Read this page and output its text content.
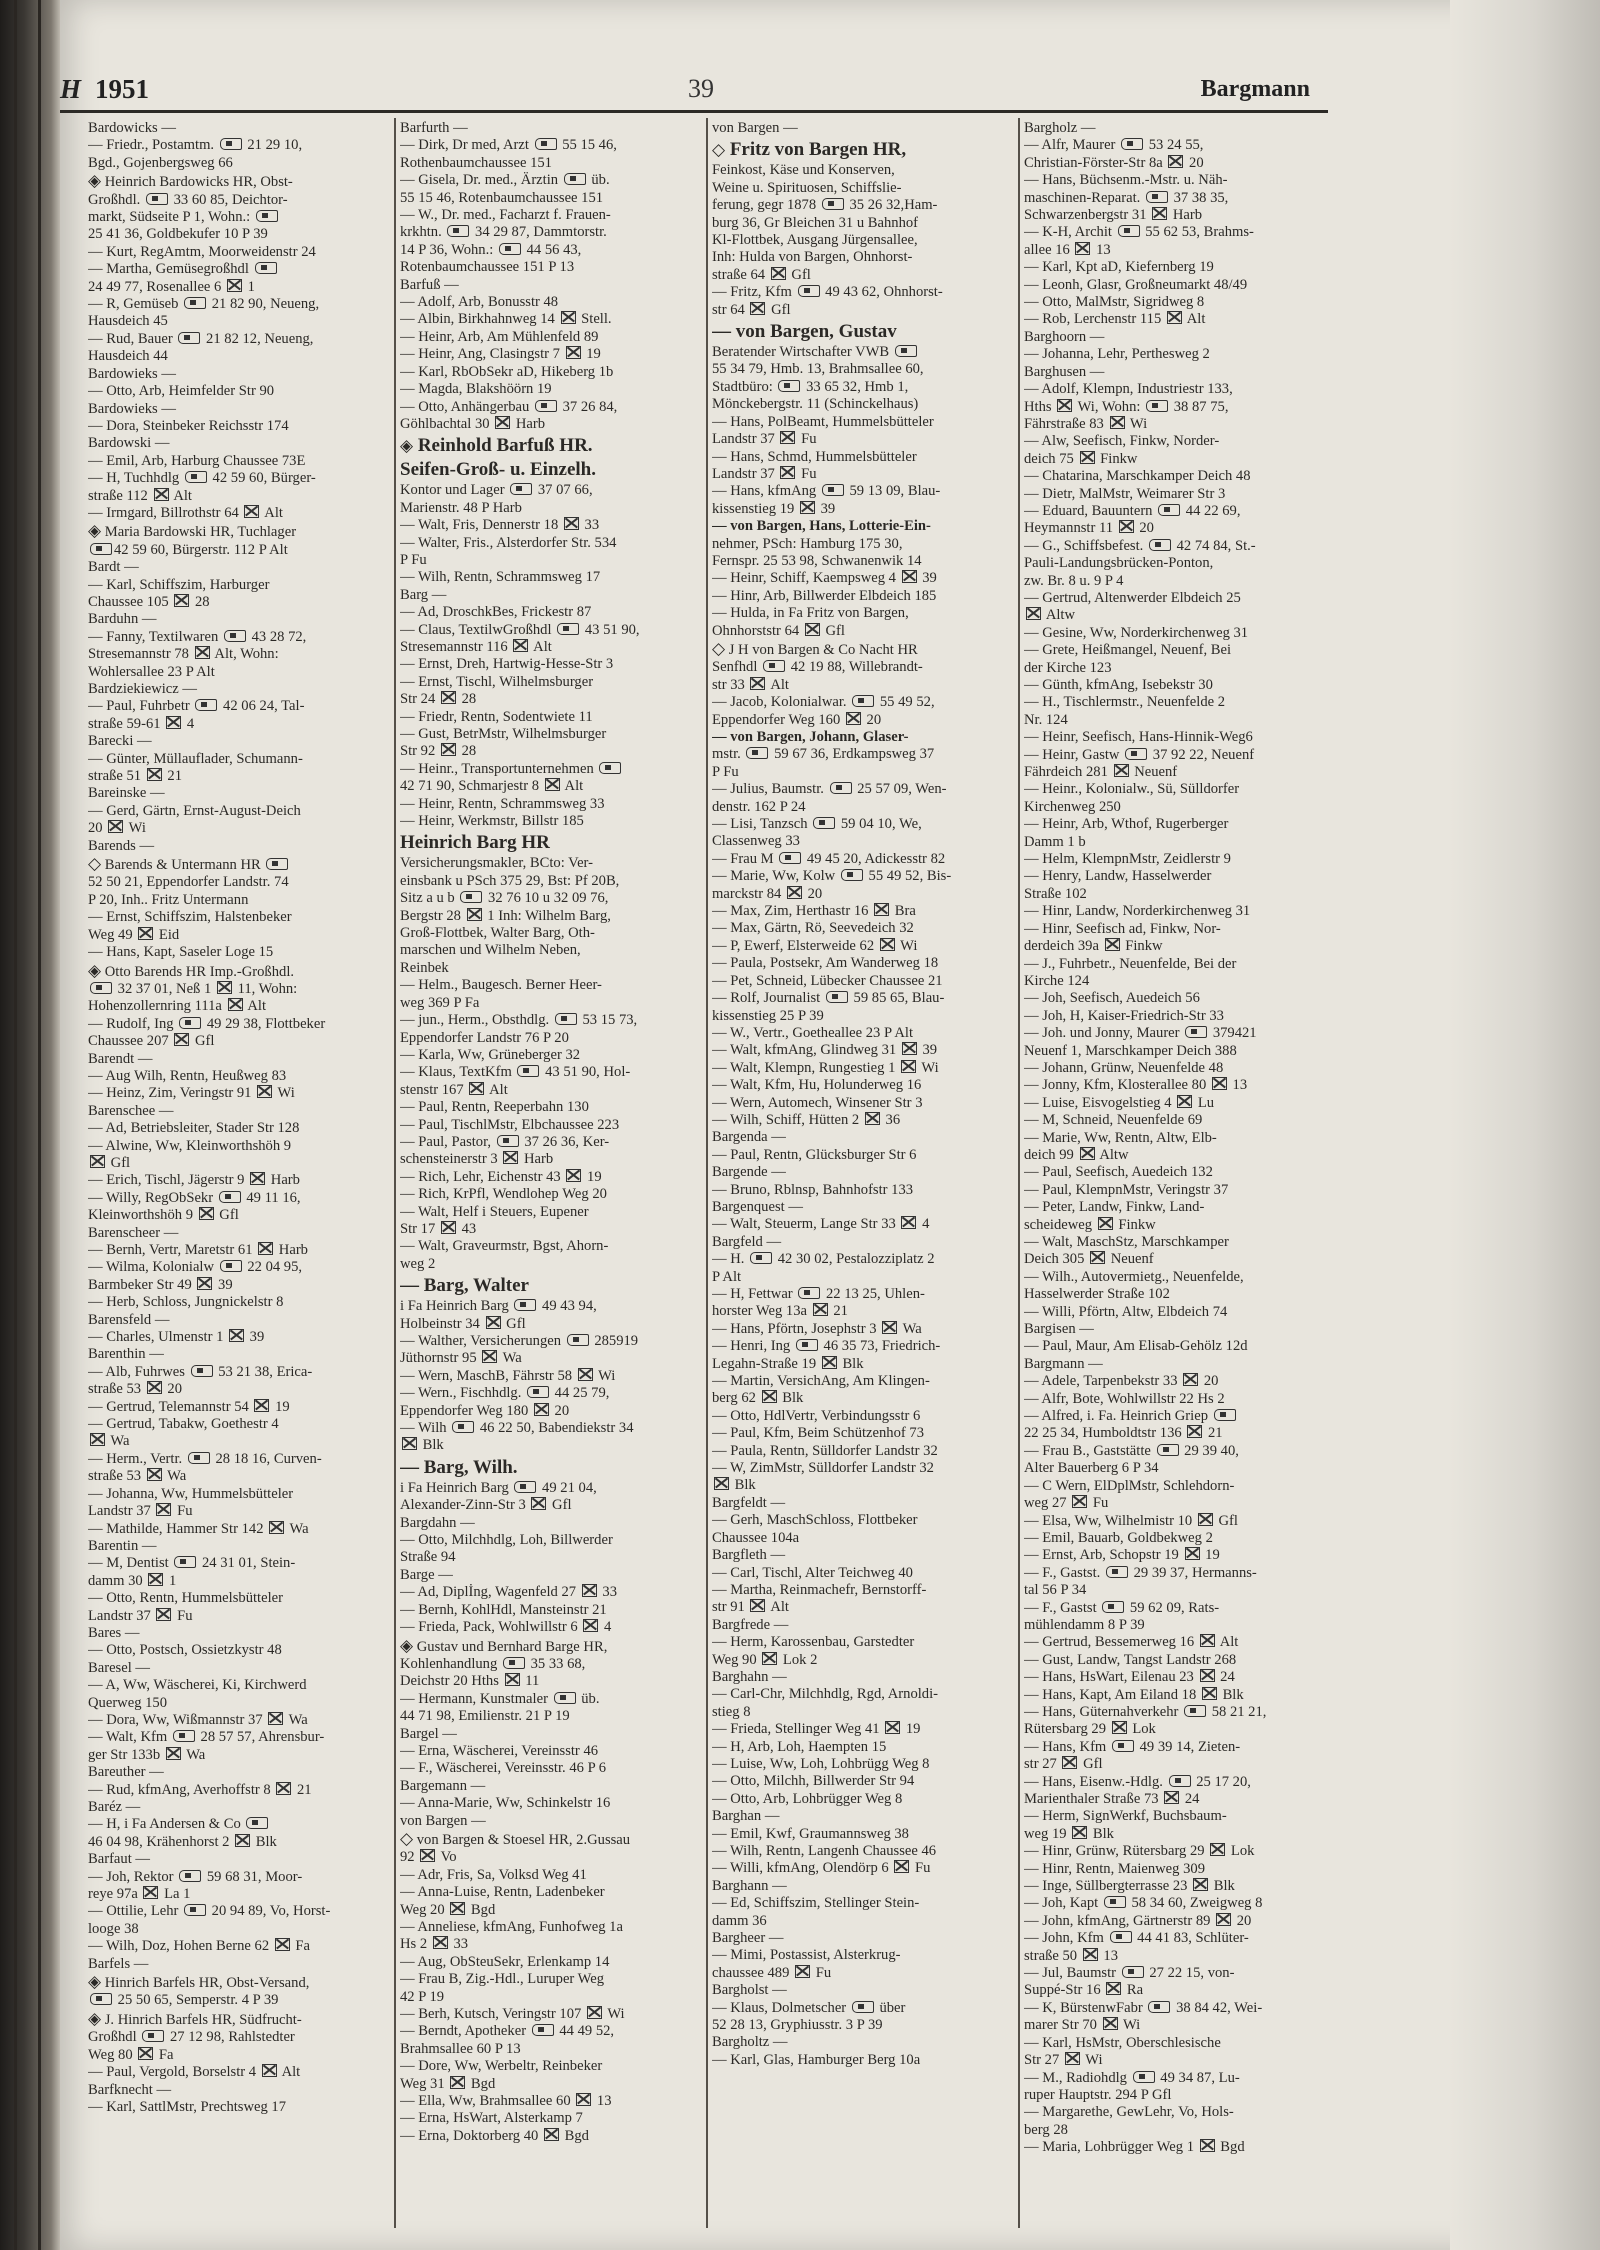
H 1951	39	Bargmann
Bardowicks —
— Friedr., Postamtm.  21 29 10,
Bgd., Gojenbergsweg 66
◈ Heinrich Bardowicks HR, Obst-
Großhdl.  33 60 85, Deichtor-
markt, Südseite P 1, Wohn.:
25 41 36, Goldbekufer 10 P 39
— Kurt, RegAmtm, Moorweidenstr 24
— Martha, Gemüsegroßhdl
24 49 77, Rosenallee 6  1
— R, Gemüseb  21 82 90, Neueng,
Hausdeich 45
— Rud, Bauer  21 82 12, Neueng,
Hausdeich 44
Bardowieks —
— Otto, Arb, Heimfelder Str 90
Bardowieks —
— Dora, Steinbeker Reichsstr 174
Bardowski —
— Emil, Arb, Harburg Chaussee 73E
— H, Tuchhdlg  42 59 60, Bürger-
straße 112  Alt
— Irmgard, Billrothstr 64  Alt
◈ Maria Bardowski HR, Tuchlager
42 59 60, Bürgerstr. 112 P Alt
Bardt —
— Karl, Schiffszim, Harburger
Chaussee 105  28
Barduhn —
— Fanny, Textilwaren  43 28 72,
Stresemannstr 78  Alt, Wohn:
Wohlersallee 23 P Alt
Bardziekiewicz —
— Paul, Fuhrbetr  42 06 24, Tal-
straße 59-61  4
Barecki —
— Günter, Müllauflader, Schumann-
straße 51  21
Bareinske —
— Gerd, Gärtn, Ernst-August-Deich
20  Wi
Barends —
◇ Barends & Untermann HR
52 50 21, Eppendorfer Landstr. 74
P 20, Inh.. Fritz Untermann
— Ernst, Schiffszim, Halstenbeker
Weg 49  Eid
— Hans, Kapt, Saseler Loge 15
◈ Otto Barends HR Imp.-Großhdl.
32 37 01, Neß 1  11, Wohn:
Hohenzollernring 111a  Alt
— Rudolf, Ing  49 29 38, Flottbeker
Chaussee 207  Gfl
Barendt —
— Aug Wilh, Rentn, Heußweg 83
— Heinz, Zim, Veringstr 91  Wi
Barenschee —
— Ad, Betriebsleiter, Stader Str 128
— Alwine, Ww, Kleinworthshöh 9
Gfl
— Erich, Tischl, Jägerstr 9  Harb
— Willy, RegObSekr  49 11 16,
Kleinworthshöh 9  Gfl
Barenscheer —
— Bernh, Vertr, Maretstr 61  Harb
— Wilma, Kolonialw  22 04 95,
Barmbeker Str 49  39
— Herb, Schloss, Jungnickelstr 8
Barensfeld —
— Charles, Ulmenstr 1  39
Barenthin —
— Alb, Fuhrwes  53 21 38, Erica-
straße 53  20
— Gertrud, Telemannstr 54  19
— Gertrud, Tabakw, Goethestr 4
Wa
— Herm., Vertr.  28 18 16, Curven-
straße 53  Wa
— Johanna, Ww, Hummelsbütteler
Landstr 37  Fu
— Mathilde, Hammer Str 142  Wa
Barentin —
— M, Dentist  24 31 01, Stein-
damm 30  1
— Otto, Rentn, Hummelsbütteler
Landstr 37  Fu
Bares —
— Otto, Postsch, Ossietzkystr 48
Baresel —
— A, Ww, Wäscherei, Ki, Kirchwerd
Querweg 150
— Dora, Ww, Wißmannstr 37  Wa
— Walt, Kfm  28 57 57, Ahrensbur-
ger Str 133b  Wa
Bareuther —
— Rud, kfmAng, Averhoffstr 8  21
Baréz —
— H, i Fa Andersen & Co
46 04 98, Krähenhorst 2  Blk
Barfaut —
— Joh, Rektor  59 68 31, Moor-
reye 97a  La 1
— Ottilie, Lehr  20 94 89, Vo, Horst-
looge 38
— Wilh, Doz, Hohen Berne 62  Fa
Barfels —
◈ Hinrich Barfels HR, Obst-Versand,
25 50 65, Semperstr. 4 P 39
◈ J. Hinrich Barfels HR, Südfrucht-
Großhdl  27 12 98, Rahlstedter
Weg 80  Fa
— Paul, Vergold, Borselstr 4  Alt
Barfknecht —
— Karl, SattlMstr, Prechtsweg 17
Barfurth —
— Dirk, Dr med, Arzt  55 15 46,
Rothenbaumchaussee 151
— Gisela, Dr. med., Ärztin  üb.
55 15 46, Rotenbaumchaussee 151
— W., Dr. med., Facharzt f. Frauen-
krkhtn.  34 29 87, Dammtorstr.
14 P 36, Wohn.:  44 56 43,
Rotenbaumchaussee 151 P 13
Barfuß —
— Adolf, Arb, Bonusstr 48
— Albin, Birkhahnweg 14  Stell.
— Heinr, Arb, Am Mühlenfeld 89
— Heinr, Ang, Clasingstr 7  19
— Karl, RbObSekr aD, Hikeberg 1b
— Magda, Blakshöörn 19
— Otto, Anhängerbau  37 26 84,
Göhlbachtal 30  Harb
◈ Reinhold Barfuß HR.
Seifen-Groß- u. Einzelh.
Kontor und Lager  37 07 66,
Marienstr. 48 P Harb
— Walt, Fris, Dennerstr 18  33
— Walter, Fris., Alsterdorfer Str. 534
P Fu
— Wilh, Rentn, Schrammsweg 17
Barg —
— Ad, DroschkBes, Frickestr 87
— Claus, TextilwGroßhdl  43 51 90,
Stresemannstr 116  Alt
— Ernst, Dreh, Hartwig-Hesse-Str 3
— Ernst, Tischl, Wilhelmsburger
Str 24  28
— Friedr, Rentn, Sodentwiete 11
— Gust, BetrMstr, Wilhelmsburger
Str 92  28
— Heinr., Transportunternehmen
42 71 90, Schmarjestr 8  Alt
— Heinr, Rentn, Schrammsweg 33
— Heinr, Werkmstr, Billstr 185
Heinrich Barg HR
Versicherungsmakler, BCto: Ver-
einsbank u PSch 375 29, Bst: Pf 20B,
Sitz a u b  32 76 10 u 32 09 76,
Bergstr 28  1 Inh: Wilhelm Barg,
Groß-Flottbek, Walter Barg, Oth-
marschen und Wilhelm Neben,
Reinbek
— Helm., Baugesch. Berner Heer-
weg 369 P Fa
— jun., Herm., Obsthdlg.  53 15 73,
Eppendorfer Landstr 76 P 20
— Karla, Ww, Grüneberger 32
— Klaus, TextKfm  43 51 90, Hol-
stenstr 167  Alt
— Paul, Rentn, Reeperbahn 130
— Paul, TischlMstr, Elbchaussee 223
— Paul, Pastor,  37 26 36, Ker-
schensteinerstr 3  Harb
— Rich, Lehr, Eichenstr 43  19
— Rich, KrPfl, Wendlohер Weg 20
— Walt, Helf i Steuers, Eupener
Str 17  43
— Walt, Graveurmstr, Bgst, Ahorn-
weg 2
— Barg, Walter
i Fa Heinrich Barg  49 43 94,
Holbeinstr 34  Gfl
— Walther, Versicherungen  285919
Jüthornstr 95  Wa
— Wern, MaschB, Fährstr 58  Wi
— Wern., Fischhdlg.  44 25 79,
Eppendorfer Weg 180  20
— Wilh  46 22 50, Babendiekstr 34
Blk
— Barg, Wilh.
i Fa Heinrich Barg  49 21 04,
Alexander-Zinn-Str 3  Gfl
Bargdahn —
— Otto, Milchhdlg, Loh, Billwerder
Straße 94
Barge —
— Ad, Diplİng, Wagenfeld 27  33
— Bernh, KohlHdl, Mansteinstr 21
— Frieda, Pack, Wohlwillstr 6  4
◈ Gustav und Bernhard Barge HR,
Kohlenhandlung  35 33 68,
Deichstr 20 Hths  11
— Hermann, Kunstmaler  üb.
44 71 98, Emilienstr. 21 P 19
Bargel —
— Erna, Wäscherei, Vereinsstr 46
— F., Wäscherei, Vereinsstr. 46 P 6
Bargemann —
— Anna-Marie, Ww, Schinkelstr 16
von Bargen —
◇ von Bargen & Stoesel HR, 2.Gussau
92  Vo
— Adr, Fris, Sa, Volksd Weg 41
— Anna-Luise, Rentn, Ladenbeker
Weg 20  Bgd
— Anneliese, kfmAng, Funhofweg 1a
Hs 2  33
— Aug, ObSteuSekr, Erlenkamp 14
— Frau B, Zig.-Hdl., Luruper Weg
42 P 19
— Berh, Kutsch, Veringstr 107  Wi
— Berndt, Apotheker  44 49 52,
Brahmsallee 60 P 13
— Dore, Ww, Werbeltr, Reinbeker
Weg 31  Bgd
— Ella, Ww, Brahmsallee 60  13
— Erna, HsWart, Alsterkamp 7
— Erna, Doktorberg 40  Bgd
von Bargen —
◇ Fritz von Bargen HR,
Feinkost, Käse und Konserven,
Weine u. Spirituosen, Schiffslie-
ferung, gegr 1878  35 26 32,Ham-
burg 36, Gr Bleichen 31 u Bahnhof
Kl-Flottbek, Ausgang Jürgensallee,
Inh: Hulda von Bargen, Ohnhorst-
straße 64  Gfl
— Fritz, Kfm  49 43 62, Ohnhorst-
str 64  Gfl
— von Bargen, Gustav
Beratender Wirtschafter VWB
55 34 79, Hmb. 13, Brahmsallee 60,
Stadtbüro:  33 65 32, Hmb 1,
Mönckebergstr. 11 (Schinckelhaus)
— Hans, PolBeamt, Hummelsbütteler
Landstr 37  Fu
— Hans, Schmd, Hummelsbütteler
Landstr 37  Fu
— Hans, kfmAng  59 13 09, Blau-
kissenstieg 19  39
— von Bargen, Hans, Lotterie-Ein-
nehmer, PSch: Hamburg 175 30,
Fernspr. 25 53 98, Schwanenwik 14
— Heinr, Schiff, Kaempsweg 4  39
— Hinr, Arb, Billwerder Elbdeich 185
— Hulda, in Fa Fritz von Bargen,
Ohnhorststr 64  Gfl
◇ J H von Bargen & Co Nacht HR
Senfhdl  42 19 88, Willebrandt-
str 33  Alt
— Jacob, Kolonialwar.  55 49 52,
Eppendorfer Weg 160  20
— von Bargen, Johann, Glaser-
mstr.  59 67 36, Erdkampsweg 37
P Fu
— Julius, Baumstr.  25 57 09, Wen-
denstr. 162 P 24
— Lisi, Tanzsch  59 04 10, We,
Classenweg 33
— Frau M  49 45 20, Adickesstr 82
— Marie, Ww, Kolw  55 49 52, Bis-
marckstr 84  20
— Max, Zim, Herthastr 16  Bra
— Max, Gärtn, Rö, Seevedeich 32
— P, Ewerf, Elsterweide 62  Wi
— Paula, Postsekr, Am Wanderweg 18
— Pet, Schneid, Lübecker Chaussee 21
— Rolf, Journalist  59 85 65, Blau-
kissenstieg 25 P 39
— W., Vertr., Goetheallee 23 P Alt
— Walt, kfmAng, Glindweg 31  39
— Walt, Klempn, Rungestieg 1  Wi
— Walt, Kfm, Hu, Holunderweg 16
— Wern, Automech, Winsener Str 3
— Wilh, Schiff, Hütten 2  36
Bargenda —
— Paul, Rentn, Glücksburger Str 6
Bargende —
— Bruno, Rblnsp, Bahnhofstr 133
Bargenquest —
— Walt, Steuerm, Lange Str 33  4
Bargfeld —
— H.  42 30 02, Pestalozziplatz 2
P Alt
— H, Fettwar  22 13 25, Uhlen-
horster Weg 13a  21
— Hans, Pförtn, Josephstr 3  Wa
— Henri, Ing  46 35 73, Friedrich-
Legahn-Straße 19  Blk
— Martin, VersichAng, Am Klingen-
berg 62  Blk
— Otto, HdlVertr, Verbindungsstr 6
— Paul, Kfm, Beim Schützenhof 73
— Paula, Rentn, Sülldorfer Landstr 32
— W, ZimMstr, Sülldorfer Landstr 32
Blk
Bargfeldt —
— Gerh, MaschSchloss, Flottbeker
Chaussee 104a
Bargfleth —
— Carl, Tischl, Alter Teichweg 40
— Martha, Reinmachefr, Bernstorff-
str 91  Alt
Bargfrede —
— Herm, Karossenbau, Garstedter
Weg 90  Lok 2
Barghahn —
— Carl-Chr, Milchhdlg, Rgd, Arnoldi-
stieg 8
— Frieda, Stellinger Weg 41  19
— H, Arb, Loh, Haempten 15
— Luise, Ww, Loh, Lohbrügg Weg 8
— Otto, Milchh, Billwerder Str 94
— Otto, Arb, Lohbrügger Weg 8
Barghan —
— Emil, Kwf, Graumannsweg 38
— Wilh, Rentn, Langenh Chaussee 46
— Willi, kfmAng, Olendörp 6  Fu
Barghann —
— Ed, Schiffszim, Stellinger Stein-
damm 36
Bargheer —
— Mimi, Postassist, Alsterkrug-
chaussee 489  Fu
Bargholst —
— Klaus, Dolmetscher  über
52 28 13, Gryphiusstr. 3 P 39
Bargholtz —
— Karl, Glas, Hamburger Berg 10a
Bargholz —
— Alfr, Maurer  53 24 55,
Christian-Förster-Str 8a  20
— Hans, Büchsenm.-Mstr. u. Näh-
maschinen-Reparat.  37 38 35,
Schwarzenbergstr 31  Harb
— K-H, Archit  55 62 53, Brahms-
allee 16  13
— Karl, Kpt aD, Kiefernberg 19
— Leonh, Glasr, Großneumarkt 48/49
— Otto, MalMstr, Sigridweg 8
— Rob, Lerchenstr 115  Alt
Barghoorn —
— Johanna, Lehr, Perthesweg 2
Barghusen —
— Adolf, Klempn, Industriestr 133,
Hths  Wi, Wohn:  38 87 75,
Fährstraße 83  Wi
— Alw, Seefisch, Finkw, Norder-
deich 75  Finkw
— Chatarina, Marschkamper Deich 48
— Dietr, MalMstr, Weimarer Str 3
— Eduard, Bauuntern  44 22 69,
Heymannstr 11  20
— G., Schiffsbefest.  42 74 84, St.-
Pauli-Landungsbrücken-Ponton,
zw. Br. 8 u. 9 P 4
— Gertrud, Altenwerder Elbdeich 25
Altw
— Gesine, Ww, Norderkirchenweg 31
— Grete, Heißmangel, Neuenf, Bei
der Kirche 123
— Günth, kfmAng, Isebekstr 30
— H., Tischlermstr., Neuenfelde 2
Nr. 124
— Heinr, Seefisch, Hans-Hinnik-Weg6
— Heinr, Gastw  37 92 22, Neuenf
Fährdeich 281  Neuenf
— Heinr., Kolonialw., Sü, Sülldorfer
Kirchenweg 250
— Heinr, Arb, Wthof, Rugerberger
Damm 1 b
— Helm, KlempnMstr, Zeidlerstr 9
— Henry, Landw, Hasselwerder
Straße 102
— Hinr, Landw, Norderkirchenweg 31
— Hinr, Seefisch ad, Finkw, Nor-
derdeich 39a  Finkw
— J., Fuhrbetr., Neuenfelde, Bei der
Kirche 124
— Joh, Seefisch, Auedeich 56
— Joh, H, Kaiser-Friedrich-Str 33
— Joh. und Jonny, Maurer  379421
Neuenf 1, Marschkamper Deich 388
— Johann, Grünw, Neuenfelde 48
— Jonny, Kfm, Klosterallee 80  13
— Luise, Eisvogelstieg 4  Lu
— M, Schneid, Neuenfelde 69
— Marie, Ww, Rentn, Altw, Elb-
deich 99  Altw
— Paul, Seefisch, Auedeich 132
— Paul, KlempnMstr, Veringstr 37
— Peter, Landw, Finkw, Land-
scheideweg  Finkw
— Walt, MaschStz, Marschkamper
Deich 305  Neuenf
— Wilh., Autovermietg., Neuenfelde,
Hasselwerder Straße 102
— Willi, Pförtn, Altw, Elbdeich 74
Bargisen —
— Paul, Maur, Am Elisab-Gehölz 12d
Bargmann —
— Adele, Tarpenbekstr 33  20
— Alfr, Bote, Wohlwillstr 22 Hs 2
— Alfred, i. Fa. Heinrich Griep
22 25 34, Humboldtstr 136  21
— Frau B., Gaststätte  29 39 40,
Alter Bauerberg 6 P 34
— C Wern, ElDplMstr, Schlehdorn-
weg 27  Fu
— Elsa, Ww, Wilhelmistr 10  Gfl
— Emil, Bauarb, Goldbekweg 2
— Ernst, Arb, Schopstr 19  19
— F., Gastst.  29 39 37, Hermanns-
tal 56 P 34
— F., Gastst  59 62 09, Rats-
mühlendamm 8 P 39
— Gertrud, Bessemerweg 16  Alt
— Gust, Landw, Tangst Landstr 268
— Hans, HsWart, Eilenau 23  24
— Hans, Kapt, Am Eiland 18  Blk
— Hans, Güternahverkehr  58 21 21,
Rütersbarg 29  Lok
— Hans, Kfm  49 39 14, Zieten-
str 27  Gfl
— Hans, Eisenw.-Hdlg.  25 17 20,
Marienthaler Straße 73  24
— Herm, SignWerkf, Buchsbaum-
weg 19  Blk
— Hinr, Grünw, Rütersbarg 29  Lok
— Hinr, Rentn, Maienweg 309
— Inge, Süllbergterrasse 23  Blk
— Joh, Kapt  58 34 60, Zweigweg 8
— John, kfmAng, Gärtnerstr 89  20
— John, Kfm  44 41 83, Schlüter-
straße 50  13
— Jul, Baumstr  27 22 15, von-
Suppé-Str 16  Ra
— K, BürstenwFabr  38 84 42, Wei-
marer Str 70  Wi
— Karl, HsMstr, Oberschlesische
Str 27  Wi
— M., Radiohdlg  49 34 87, Lu-
ruper Hauptstr. 294 P Gfl
— Margarethe, GewLehr, Vo, Hols-
berg 28
— Maria, Lohbrügger Weg 1  Bgd
